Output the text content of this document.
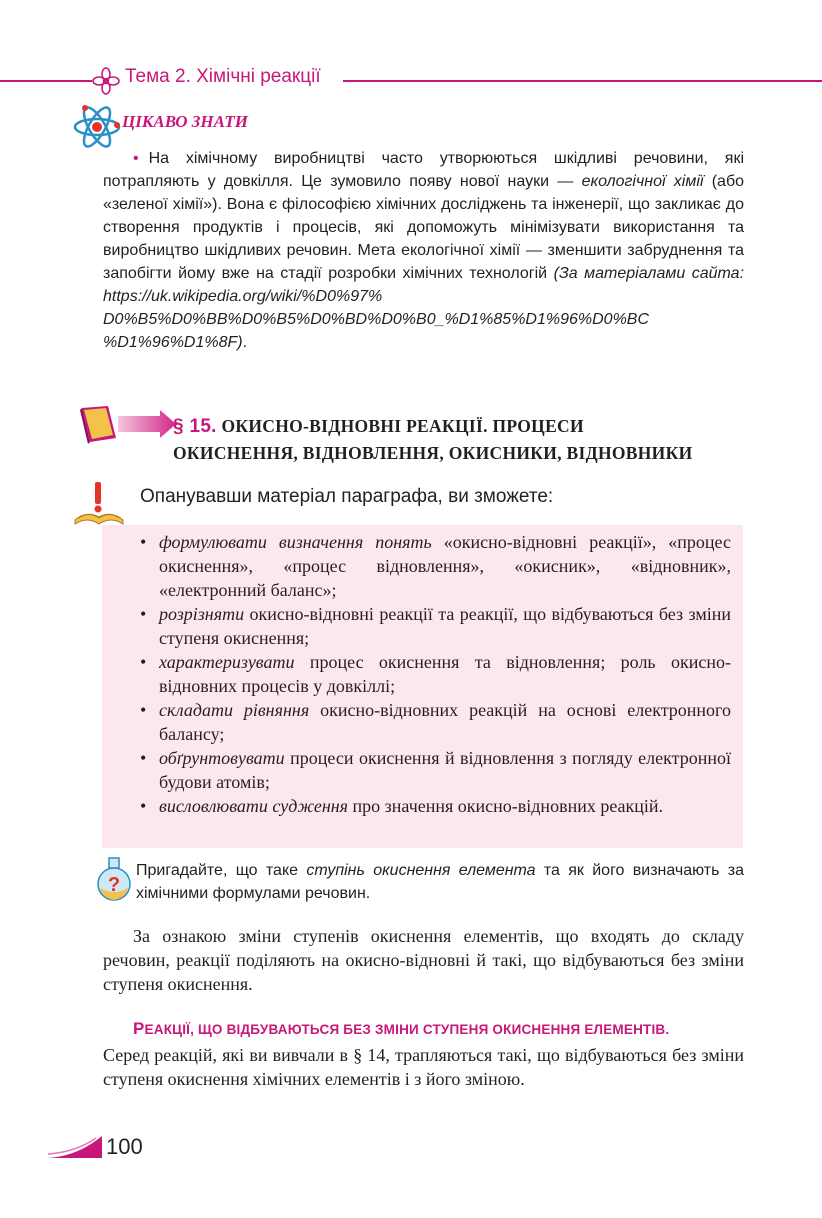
Тема 2. Хімічні реакції
ЦІКАВО ЗНАТИ
• На хімічному виробництві часто утворюються шкідливі речовини, які потрапляють у довкілля. Це зумовило появу нової науки — екологічної хімії (або «зеленої хімії»). Вона є філософією хімічних досліджень та інженерії, що закликає до створення продуктів і процесів, які допоможуть мінімізувати використання та виробництво шкідливих речовин. Мета екологічної хімії — зменшити забруднення та запобігти йому вже на стадії розробки хімічних технологій (За матеріалами сайта: https://uk.wikipedia.org/wiki/%D0%97% D0%B5%D0%BB%D0%B5%D0%BD%D0%B0_%D1%85%D1%96%D0%BC %D1%96%D1%8F).
§ 15. ОКИСНО-ВІДНОВНІ РЕАКЦІЇ. ПРОЦЕСИ
ОКИСНЕННЯ, ВІДНОВЛЕННЯ, ОКИСНИКИ, ВІДНОВНИКИ
Опанувавши матеріал параграфа, ви зможете:
• формулювати визначення понять «окисно-відновні реакції», «процес окиснення», «процес відновлення», «окисник», «відновник», «електронний баланс»;
• розрізняти окисно-відновні реакції та реакції, що відбуваються без зміни ступеня окиснення;
• характеризувати процес окиснення та відновлення; роль окисно-відновних процесів у довкіллі;
• складати рівняння окисно-відновних реакцій на основі електронного балансу;
• обґрунтовувати процеси окиснення й відновлення з погляду електронної будови атомів;
• висловлювати судження про значення окисно-відновних реакцій.
?
Пригадайте, що таке ступінь окиснення елемента та як його визначають за хімічними формулами речовин.
За ознакою зміни ступенів окиснення елементів, що входять до складу речовин, реакції поділяють на окисно-відновні й такі, що відбуваються без зміни ступеня окиснення.
РЕАКЦІЇ, ЩО ВІДБУВАЮТЬСЯ БЕЗ ЗМІНИ СТУПЕНЯ ОКИСНЕННЯ ЕЛЕМЕНТІВ.
Серед реакцій, які ви вивчали в § 14, трапляються такі, що відбуваються без зміни ступеня окиснення хімічних елементів і з його зміною.
100
